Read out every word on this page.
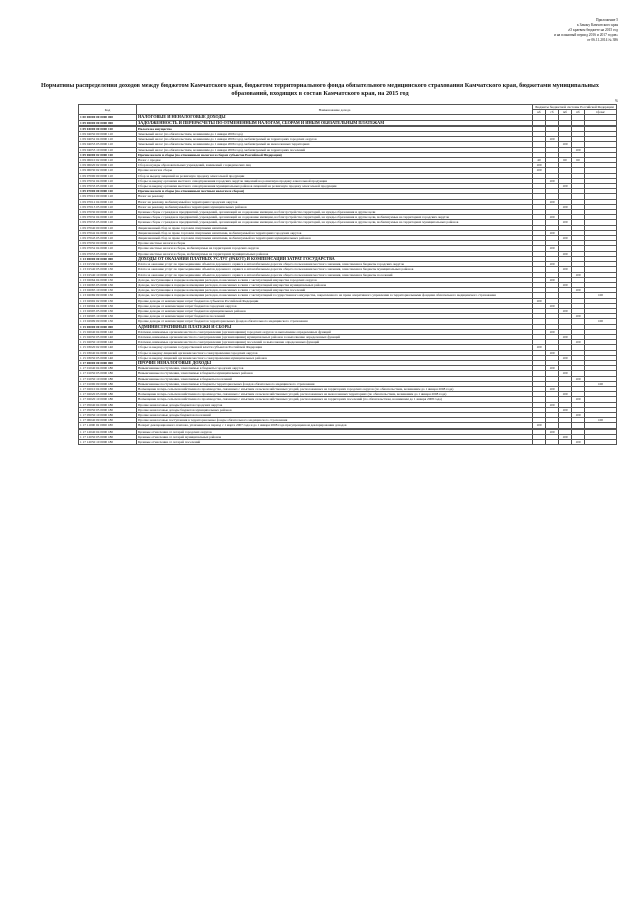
Приложение 5
к Закону Камчатского края
«О краевом бюджете на 2015 год
и на плановый период 2016 и 2017 годов»
от 06.11.2014 № 386
Нормативы распределения доходов между бюджетом Камчатского края, бюджетом территориального фонда обязательного медицинского страхования Камчатского края, бюджетами муниципальных образований, входящих в состав Камчатского края, на 2015 год
%
Код	Наименование дохода	Бюджеты бюджетной системы Российской Федерации				
		кб	гб	мб	пб	тфомс
1 00 00000 00 0000 000	НАЛОГОВЫЕ И НЕНАЛОГОВЫЕ ДОХОДЫ					
1 09 00000 00 0000 000	ЗАДОЛЖЕННОСТЬ И ПЕРЕРАСЧЕТЫ ПО ОТМЕНЕННЫМ НАЛОГАМ, СБОРАМ И ИНЫМ ОБЯЗАТЕЛЬНЫМ ПЛАТЕЖАМ					

1 09 04000 00 0000 110	Налоги на имущество					
1 09 04050 00 0000 110	Земельный налог (по обязательствам, возникшим до 1 января 2006 года)					
1 09 04052 04 0000 110	Земельный налог (по обязательствам, возникшим до 1 января 2006 года), мобилизуемый на территориях городских округов		100			
1 09 04053 05 0000 110	Земельный налог (по обязательствам, возникшим до 1 января 2006 года), мобилизуемый на межселенных территориях			100		
1 09 04053 10 0000 110	Земельный налог (по обязательствам, возникшим до 1 января 2006 года), мобилизуемый на территориях поселений				100	
1 09 06000 02 0000 110	Прочие налоги и сборы (по отмененным налогам и сборам субъектов Российской Федерации)					
1 09 06010 02 0000 110	Налог с продаж	40		60	60	
1 09 06020 02 0000 110	Сбор на нужды образовательных учреждений, взимаемый с юридических лиц	100				
1 09 06030 02 0000 110	Прочие налоги и сборы	100				
1 09 07000 00 0000 110	Сбор за выдачу лицензий на розничную продажу алкогольной продукции					
1 09 07032 04 0000 110	Сборы за выдачу органами местного самоуправления городских округов лицензий на розничную продажу алкогольной продукции		100			
1 09 07033 05 0000 110	Сборы за выдачу органами местного самоуправления муниципальных районов лицензий на розничную продажу алкогольной продукции			100		
1 09 07000 00 0000 110	Прочие налоги и сборы (по отмененным местным налогам и сборам)					
1 09 07010 00 0000 110	Налог на рекламу					
1 09 07012 04 0000 110	Налог на рекламу, мобилизуемый на территориях городских округов		100			
1 09 07013 05 0000 110	Налог на рекламу, мобилизуемый на территориях муниципальных районов			100		
1 09 07030 00 0000 110	Целевые сборы с граждан и предприятий, учреждений, организаций на содержание милиции, на благоустройство территорий, на нужды образования и другие цели					
1 09 07032 04 0000 110	Целевые сборы с граждан и предприятий, учреждений, организаций на содержание милиции, на благоустройство территорий, на нужды образования и другие цели, мобилизуемые на территориях городских округов		100			
1 09 07033 05 0000 110	Целевые сборы с граждан и предприятий, учреждений, организаций на содержание милиции, на благоустройство территорий, на нужды образования и другие цели, мобилизуемые на территориях муниципальных районов			100		
1 09 07040 00 0000 110	Лицензионный сбор за право торговли спиртными напитками					
1 09 07042 04 0000 110	Лицензионный сбор за право торговли спиртными напитками, мобилизуемый на территориях городских округов		100			
1 09 07043 05 0000 110	Лицензионный сбор за право торговли спиртными напитками, мобилизуемый на территориях муниципальных районов			100		
1 09 07050 00 0000 110	Прочие местные налоги и сборы					
1 09 07052 04 0000 110	Прочие местные налоги и сборы, мобилизуемые на территориях городских округов		100			
1 09 07053 05 0000 110	Прочие местные налоги и сборы, мобилизуемые на территориях муниципальных районов			100		
1 13 00000 00 0000 000	ДОХОДЫ ОТ ОКАЗАНИЯ ПЛАТНЫХ УСЛУГ (РАБОТ) И КОМПЕНСАЦИИ ЗАТРАТ ГОСУДАРСТВА					
1 13 01530 04 0000 130	Плата за оказание услуг по присоединению объектов дорожного сервиса к автомобильным дорогам общего пользования местного значения, зачисляемая в бюджеты городских округов		100			
1 13 01540 05 0000 130	Плата за оказание услуг по присоединению объектов дорожного сервиса к автомобильным дорогам общего пользования местного значения, зачисляемая в бюджеты муниципальных районов			100		
1 13 01540 10 0000 130	Плата за оказание услуг по присоединению объектов дорожного сервиса к автомобильным дорогам общего пользования местного значения, зачисляемая в бюджеты поселений				100	
1 13 02064 04 0000 130	Доходы, поступающие в порядке возмещения расходов, понесенных в связи с эксплуатацией имущества городских округов		100			
1 13 02065 05 0000 130	Доходы, поступающие в порядке возмещения расходов, понесенных в связи с эксплуатацией имущества муниципальных районов			100		
1 13 02065 10 0000 130	Доходы, поступающие в порядке возмещения расходов, понесенных в связи с эксплуатацией имущества поселений				100	
1 13 02069 09 0000 130	Доходы, поступающие в порядке возмещения расходов, понесенных в связи с эксплуатацией государственного имущества, закрепленного на праве оперативного управления за территориальными фондами обязательного медицинского страхования					100
1 13 02992 02 0000 130	Прочие доходы от компенсации затрат бюджетов субъектов Российской Федерации	100				
1 13 02994 04 0000 130	Прочие доходы от компенсации затрат бюджетов городских округов		100			
1 13 02995 05 0000 130	Прочие доходы от компенсации затрат бюджетов муниципальных районов			100		
1 13 02995 10 0000 130	Прочие доходы от компенсации затрат бюджетов поселений				100	
1 13 02999 09 0000 130	Прочие доходы от компенсации затрат бюджетов территориальных фондов обязательного медицинского страхования					100
1 15 00000 00 0000 000	АДМИНИСТРАТИВНЫЕ ПЛАТЕЖИ И СБОРЫ					
1 15 02040 04 0000 140	Платежи, взимаемые органами местного самоуправления (организациями) городских округов за выполнение определенных функций		100			
1 15 02050 05 0000 140	Платежи, взимаемые органами местного самоуправления (организациями) муниципальных районов за выполнение определенных функций			100		
1 15 02050 10 0000 140	Платежи, взимаемые органами местного самоуправления (организациями) поселений за выполнение определенных функций				100	
1 15 03020 02 0000 140	Сборы за выдачу органами государственной власти субъектов Российской Федерации	100				
1 15 03040 04 0000 140	Сборы за выдачу лицензий органами местного самоуправления городских округов		100			
1 15 03050 05 0000 140	Сборы за выдачу лицензий органами местного самоуправления муниципальных районов			100		
1 17 00000 00 0000 000	ПРОЧИЕ НЕНАЛОГОВЫЕ ДОХОДЫ					
1 17 01040 04 0000 180	Невыясненные поступления, зачисляемые в бюджеты городских округов		100			
1 17 01050 05 0000 180	Невыясненные поступления, зачисляемые в бюджеты муниципальных районов			100		
1 17 01050 10 0000 180	Невыясненные поступления, зачисляемые в бюджеты поселений				100	
1 17 01090 09 0000 180	Невыясненные поступления, зачисляемые в бюджеты территориальных фондов обязательного медицинского страхования					100
1 17 02010 04 0000 180	Возмещение потерь сельскохозяйственного производства, связанных с изъятием сельскохозяйственных угодий, расположенных на территориях городских округов (по обязательствам, возникшим до 1 января 2008 года)		100			
1 17 02020 05 0000 180	Возмещение потерь сельскохозяйственного производства, связанных с изъятием сельскохозяйственных угодий, расположенных на межселенных территориях (по обязательствам, возникшим до 1 января 2008 года)			100		
1 17 02020 10 0000 180	Возмещение потерь сельскохозяйственного производства, связанных с изъятием сельскохозяйственных угодий, расположенных на территориях поселений (по обязательствам, возникшим до 1 января 2008 года)				100	
1 17 05040 04 0000 180	Прочие неналоговые доходы бюджетов городских округов		100			
1 17 05050 05 0000 180	Прочие неналоговые доходы бюджетов муниципальных районов			100		
1 17 05050 10 0000 180	Прочие неналоговые доходы бюджетов поселений				100	
1 17 06040 09 0000 180	Прочие неналоговые поступления в территориальные фонды обязательного медицинского страхования					100
1 17 11000 02 0000 180	Возврат декларационного платежа, уплаченного в период с 1 марта 2007 года и до 1 января 2008 года при упрощенном декларировании доходов	100				

1 17 12040 04 0000 180	Целевые отчисления от лотерей городских округов		100			
1 17 12050 05 0000 180	Целевые отчисления от лотерей муниципальных районов			100		
1 17 12050 10 0000 180	Целевые отчисления от лотерей поселений				100	
